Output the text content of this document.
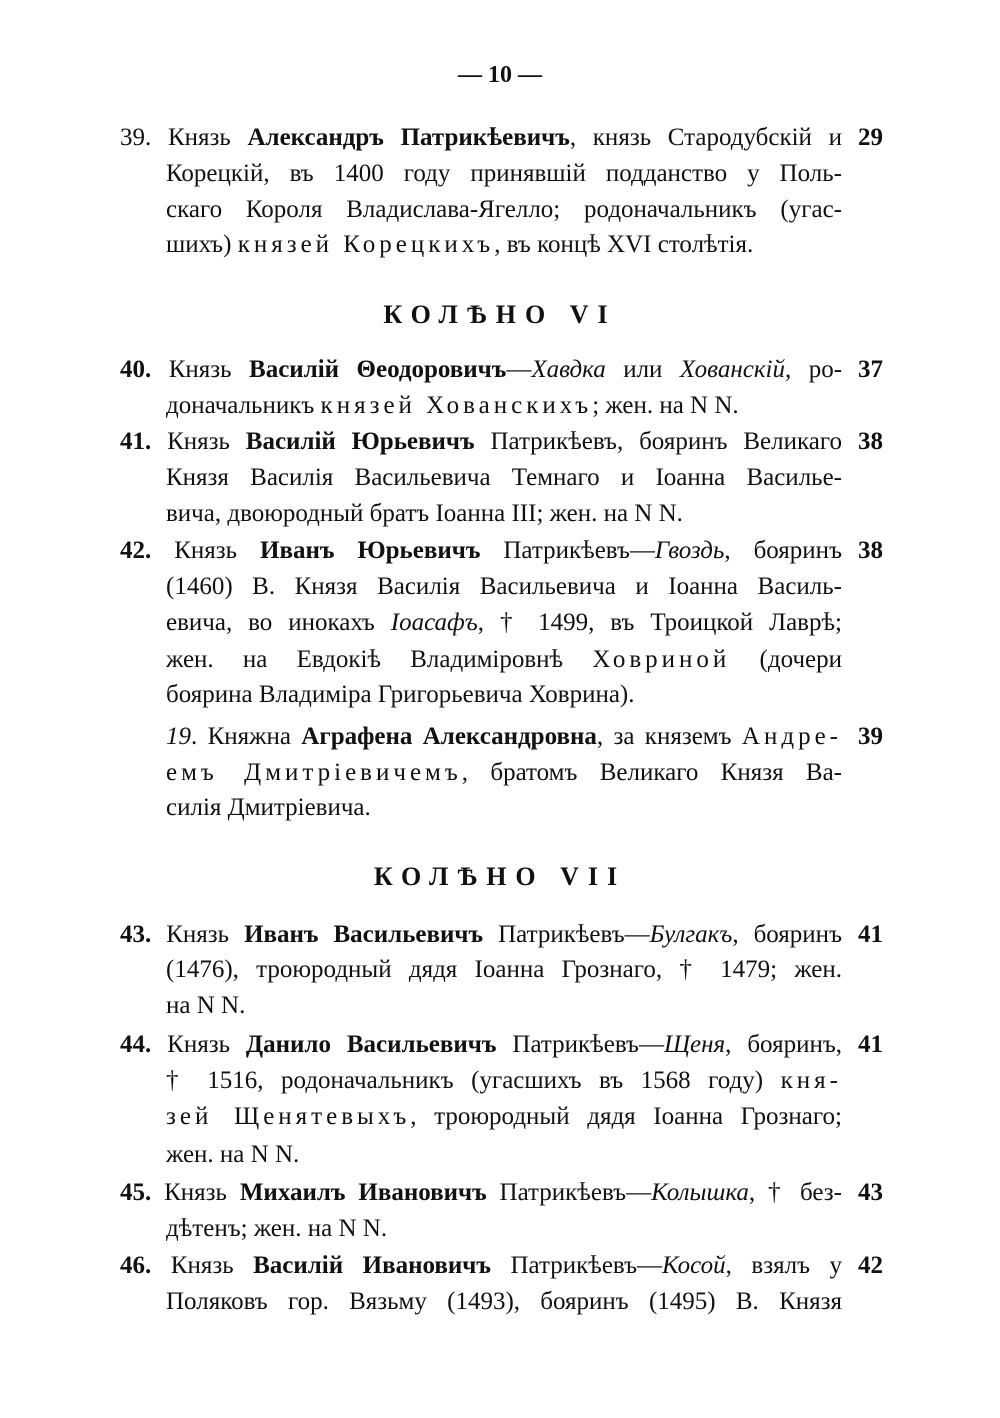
— 10 —
КОЛѢНО VI
КОЛѢНО VII
39. Князь Александръ Патрикѣевичъ, князь Стародубскій и
Корецкій, въ 1400 году принявшій подданство у Поль-
скаго Короля Владислава-Ягелло; родоначальникъ (угас-
шихъ) князей Корецкихъ, въ концѣ XVI столѣтія.
29
40. Князь Василій Θеодоровичъ—Хавдка или Хованскій, ро-
доначальникъ князей Хованскихъ; жен. на N N.
37
41. Князь Василій Юрьевичъ Патрикѣевъ, бояринъ Великаго
Князя Василія Васильевича Темнаго и Іоанна Василье-
вича, двоюродный братъ Іоанна III; жен. на N N.
38
42. Князь Иванъ Юрьевичъ Патрикѣевъ—Гвоздь, бояринъ
(1460) В. Князя Василія Васильевича и Іоанна Василь-
евича, во инокахъ Іоасафъ, † 1499, въ Троицкой Лаврѣ;
жен. на Евдокіѣ Владиміровнѣ Ховриной (дочери
боярина Владиміра Григорьевича Ховрина).
38
19. Княжна Аграфена Александровна, за княземъ Андре-
емъ Дмитріевичемъ, братомъ Великаго Князя Ва-
силія Дмитріевича.
39
43. Князь Иванъ Васильевичъ Патрикѣевъ—Булгакъ, бояринъ
(1476), троюродный дядя Іоанна Грознаго, † 1479; жен.
на N N.
41
44. Князь Данило Васильевичъ Патрикѣевъ—Щеня, бояринъ,
† 1516, родоначальникъ (угасшихъ въ 1568 году) кня-
зей Щенятевыхъ, троюродный дядя Іоанна Грознаго;
жен. на N N.
41
45. Князь Михаилъ Ивановичъ Патрикѣевъ—Колышка, † без-
дѣтенъ; жен. на N N.
43
46. Князь Василій Ивановичъ Патрикѣевъ—Косой, взялъ у
Поляковъ гор. Вязьму (1493), бояринъ (1495) В. Князя
42
